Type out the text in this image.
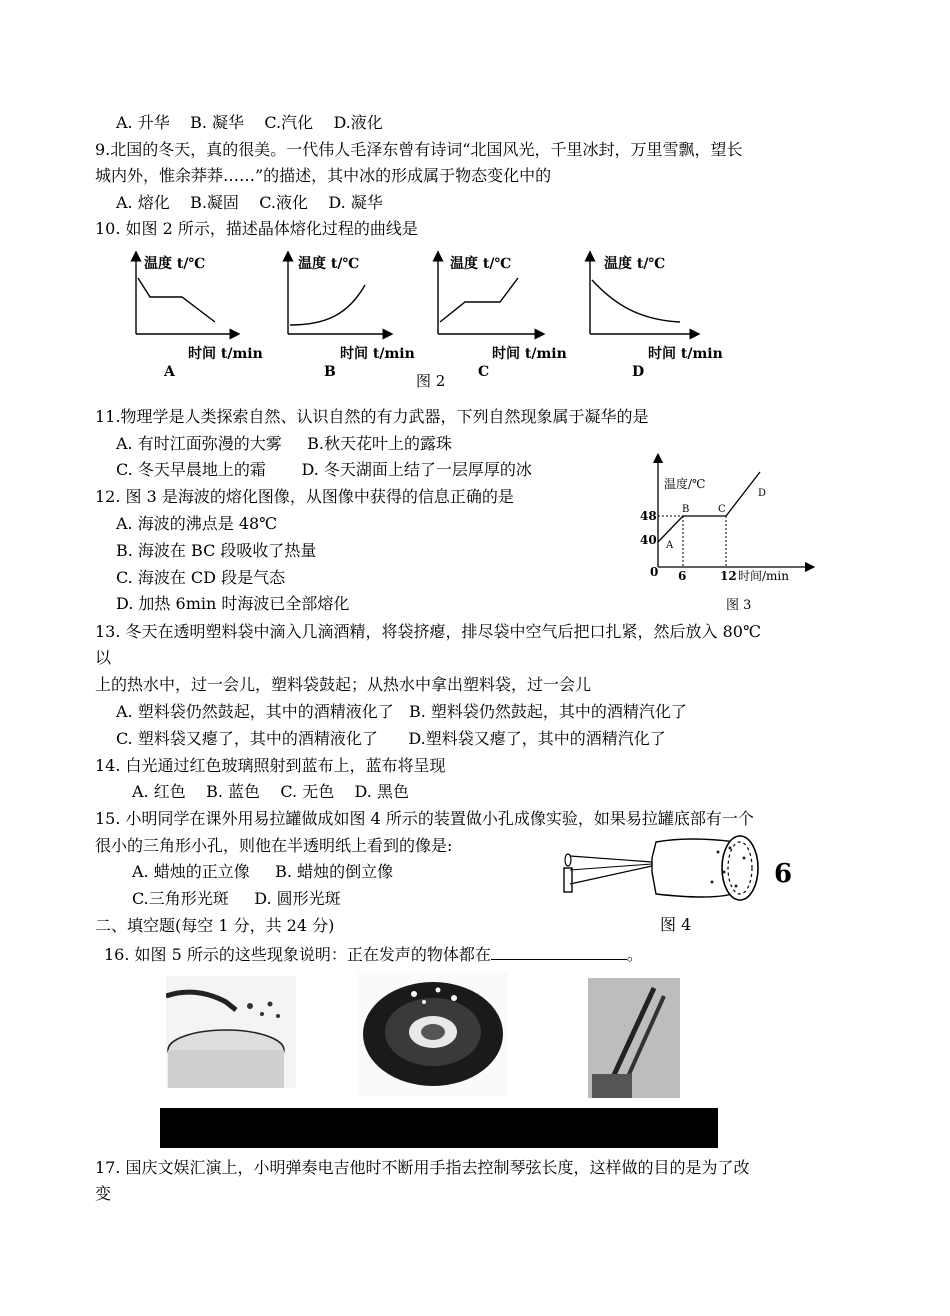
A. 升华    B. 凝华    C.汽化    D.液化
9.北国的冬天，真的很美。一代伟人毛泽东曾有诗词“北国风光，千里冰封，万里雪飘，望长
城内外，惟余莽莽……”的描述，其中冰的形成属于物态变化中的
A. 熔化    B.凝固    C.液化    D. 凝华
10. 如图 2 所示，描述晶体熔化过程的曲线是
温度 t/℃
时间 t/min
A
温度 t/℃
时间 t/min
B
温度 t/℃
时间 t/min
C
温度 t/℃
时间 t/min
D
图 2
11.物理学是人类探索自然、认识自然的有力武器，下列自然现象属于凝华的是
A. 有时江面弥漫的大雾     B.秋天花叶上的露珠
C. 冬天早晨地上的霜       D. 冬天湖面上结了一层厚厚的冰
12. 图 3 是海波的熔化图像，从图像中获得的信息正确的是
A. 海波的沸点是 48℃
B. 海波在 BC 段吸收了热量
C. 海波在 CD 段是气态
D. 加热 6min 时海波已全部熔化
温度/℃
48
40
0 6	12 时间/min
A
B	C
D
图 3
13. 冬天在透明塑料袋中滴入几滴酒精，将袋挤瘪，排尽袋中空气后把口扎紧，然后放入 80℃
以
上的热水中，过一会儿，塑料袋鼓起；从热水中拿出塑料袋，过一会儿
A. 塑料袋仍然鼓起，其中的酒精液化了   B. 塑料袋仍然鼓起，其中的酒精汽化了
C. 塑料袋又瘪了，其中的酒精液化了      D.塑料袋又瘪了，其中的酒精汽化了
14. 白光通过红色玻璃照射到蓝布上，蓝布将呈现
A. 红色    B. 蓝色    C. 无色    D. 黑色
15. 小明同学在课外用易拉罐做成如图 4 所示的装置做小孔成像实验，如果易拉罐底部有一个
很小的三角形小孔，则他在半透明纸上看到的像是:
A. 蜡烛的正立像     B. 蜡烛的倒立像
C.三角形光斑     D. 圆形光斑
6
图 4
二、填空题(每空 1 分，共 24 分)
16. 如图 5 所示的这些现象说明：正在发声的物体都在	。
17. 国庆文娱汇演上，小明弹奏电吉他时不断用手指去控制琴弦长度，这样做的目的是为了改
变
